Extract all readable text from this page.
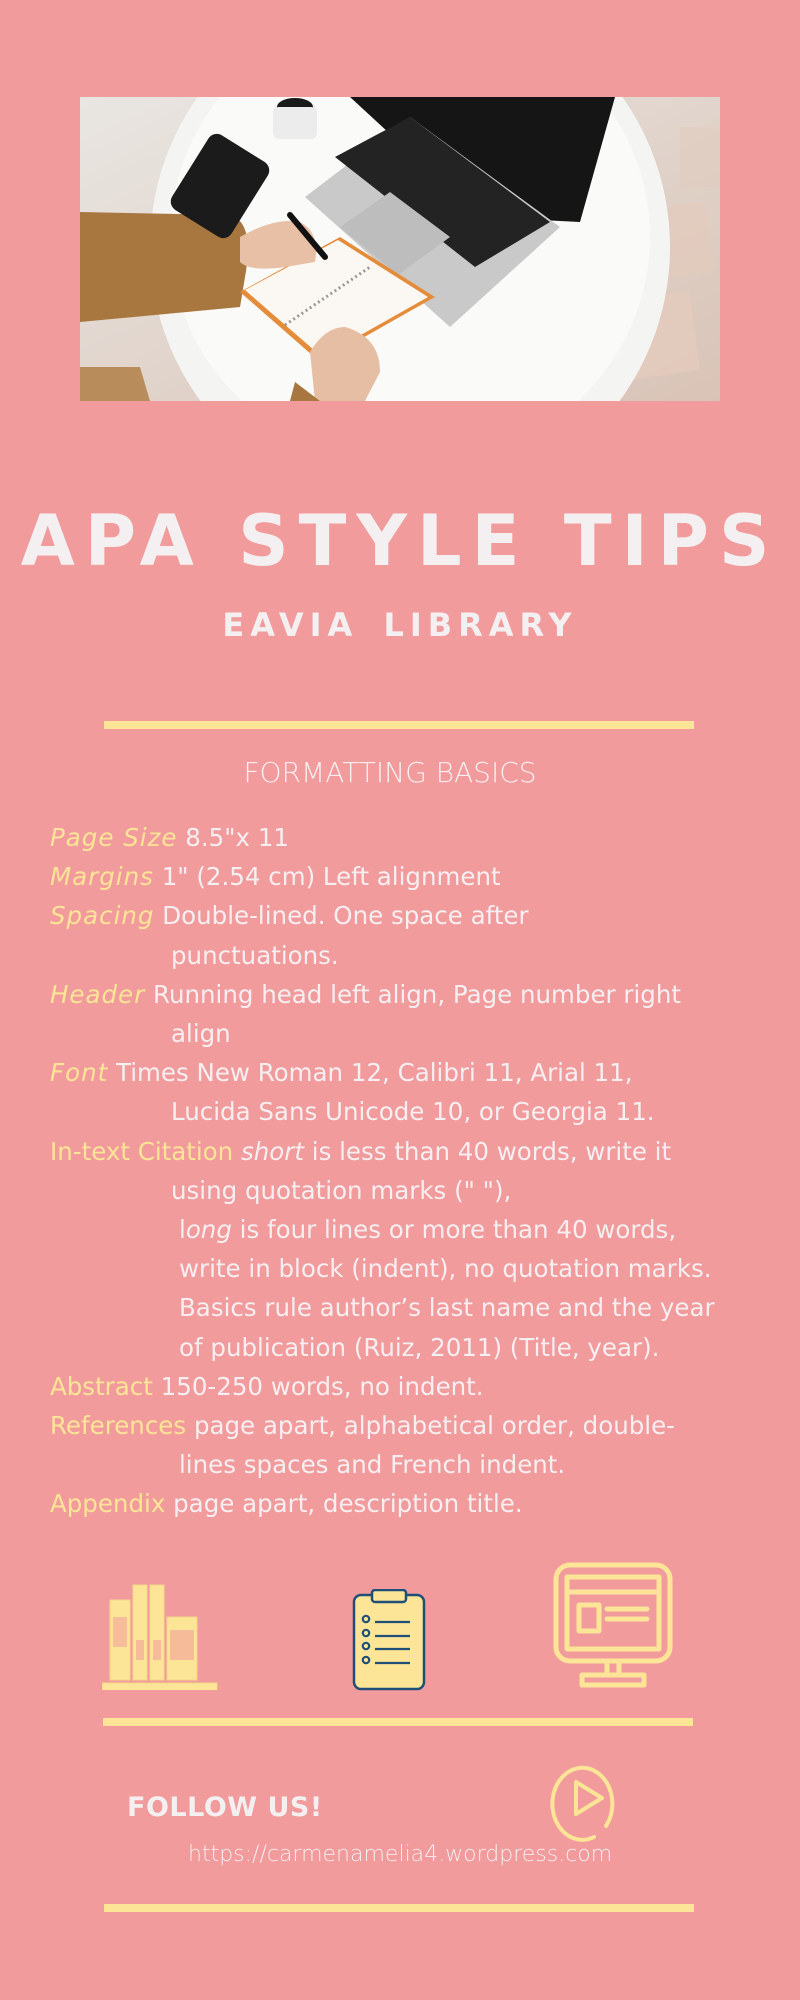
APA STYLE TIPS
EAVIA LIBRARY
FORMATTING BASICS
Page Size 8.5"x 11
Margins 1" (2.54 cm) Left alignment
Spacing Double-lined. One space after
punctuations.
Header Running head left align, Page number right
align
Font Times New Roman 12, Calibri 11, Arial 11,
Lucida Sans Unicode 10, or Georgia 11.
In-text Citation short is less than 40 words, write it
using quotation marks (" "),
long is four lines or more than 40 words,
write in block (indent), no quotation marks.
Basics rule author’s last name and the year
of publication (Ruiz, 2011) (Title, year).
Abstract 150-250 words, no indent.
References page apart, alphabetical order, double-
lines spaces and French indent.
Appendix page apart, description title.
FOLLOW US!
https://carmenamelia4.wordpress.com
